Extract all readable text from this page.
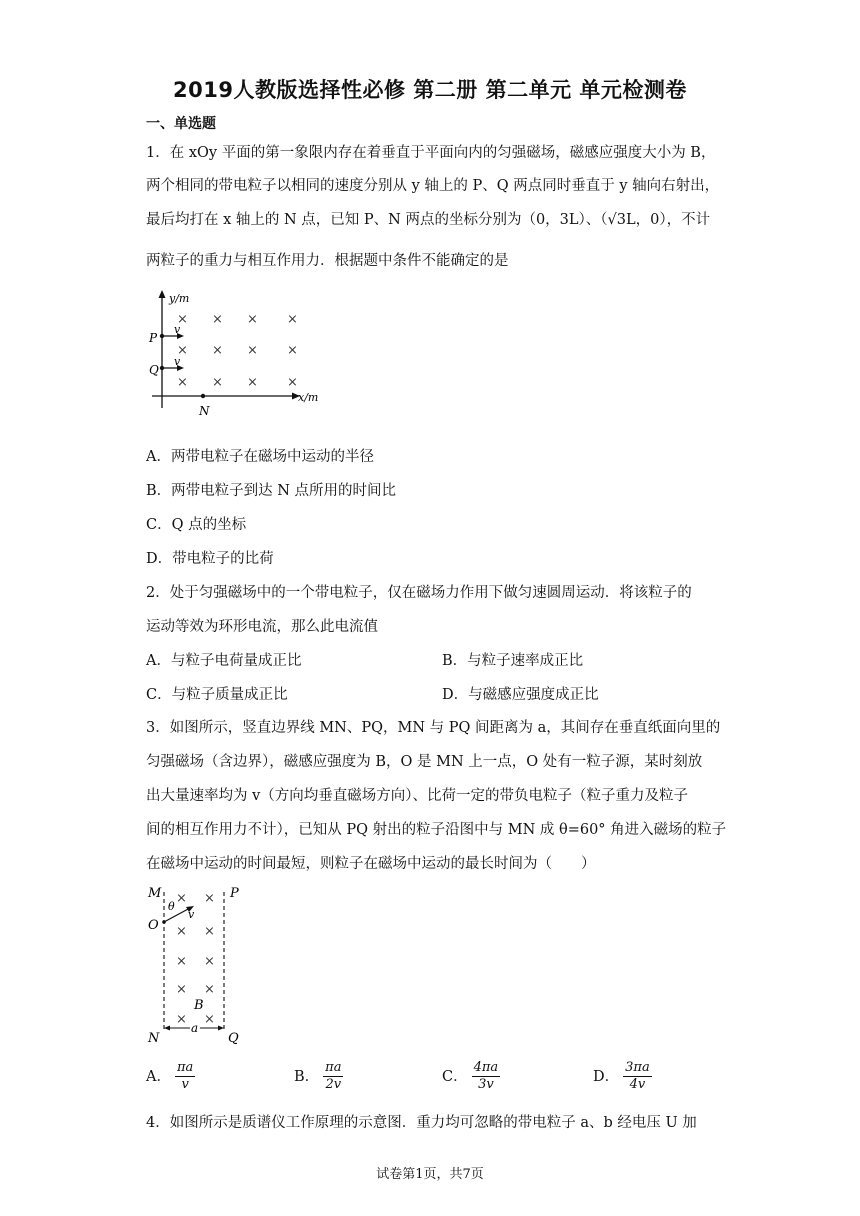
2019人教版选择性必修 第二册 第二单元 单元检测卷
一、单选题
1．在 xOy 平面的第一象限内存在着垂直于平面向内的匀强磁场，磁感应强度大小为 B，
两个相同的带电粒子以相同的速度分别从 y 轴上的 P、Q 两点同时垂直于 y 轴向右射出，
最后均打在 x 轴上的 N 点，已知 P、N 两点的坐标分别为（0，3L）、（√3L，0），不计
两粒子的重力与相互作用力．根据题中条件不能确定的是
y/m
x/m
P
Q
v
v
N
× × × ×
× × × ×
× × × ×
A．两带电粒子在磁场中运动的半径
B．两带电粒子到达 N 点所用的时间比
C．Q 点的坐标
D．带电粒子的比荷
2．处于匀强磁场中的一个带电粒子，仅在磁场力作用下做匀速圆周运动．将该粒子的
运动等效为环形电流，那么此电流值
A．与粒子电荷量成正比	B．与粒子速率成正比
C．与粒子质量成正比	D．与磁感应强度成正比
3．如图所示，竖直边界线 MN、PQ，MN 与 PQ 间距离为 a，其间存在垂直纸面向里的
匀强磁场（含边界），磁感应强度为 B，O 是 MN 上一点，O 处有一粒子源，某时刻放
出大量速率均为 v（方向均垂直磁场方向）、比荷一定的带负电粒子（粒子重力及粒子
间的相互作用力不计），已知从 PQ 射出的粒子沿图中与 MN 成 θ=60° 角进入磁场的粒子
在磁场中运动的时间最短，则粒子在磁场中运动的最长时间为（　　）
M	P
O
N	Q
θ
v
× ×
× ×
× ×
× ×
× ×
B
a
A． $\frac{\pi a}{v}$	B． $\frac{\pi a}{2v}$	C． $\frac{4\pi a}{3v}$	D． $\frac{3\pi a}{4v}$
4．如图所示是质谱仪工作原理的示意图．重力均可忽略的带电粒子 a、b 经电压 U 加
试卷第1页，共7页
